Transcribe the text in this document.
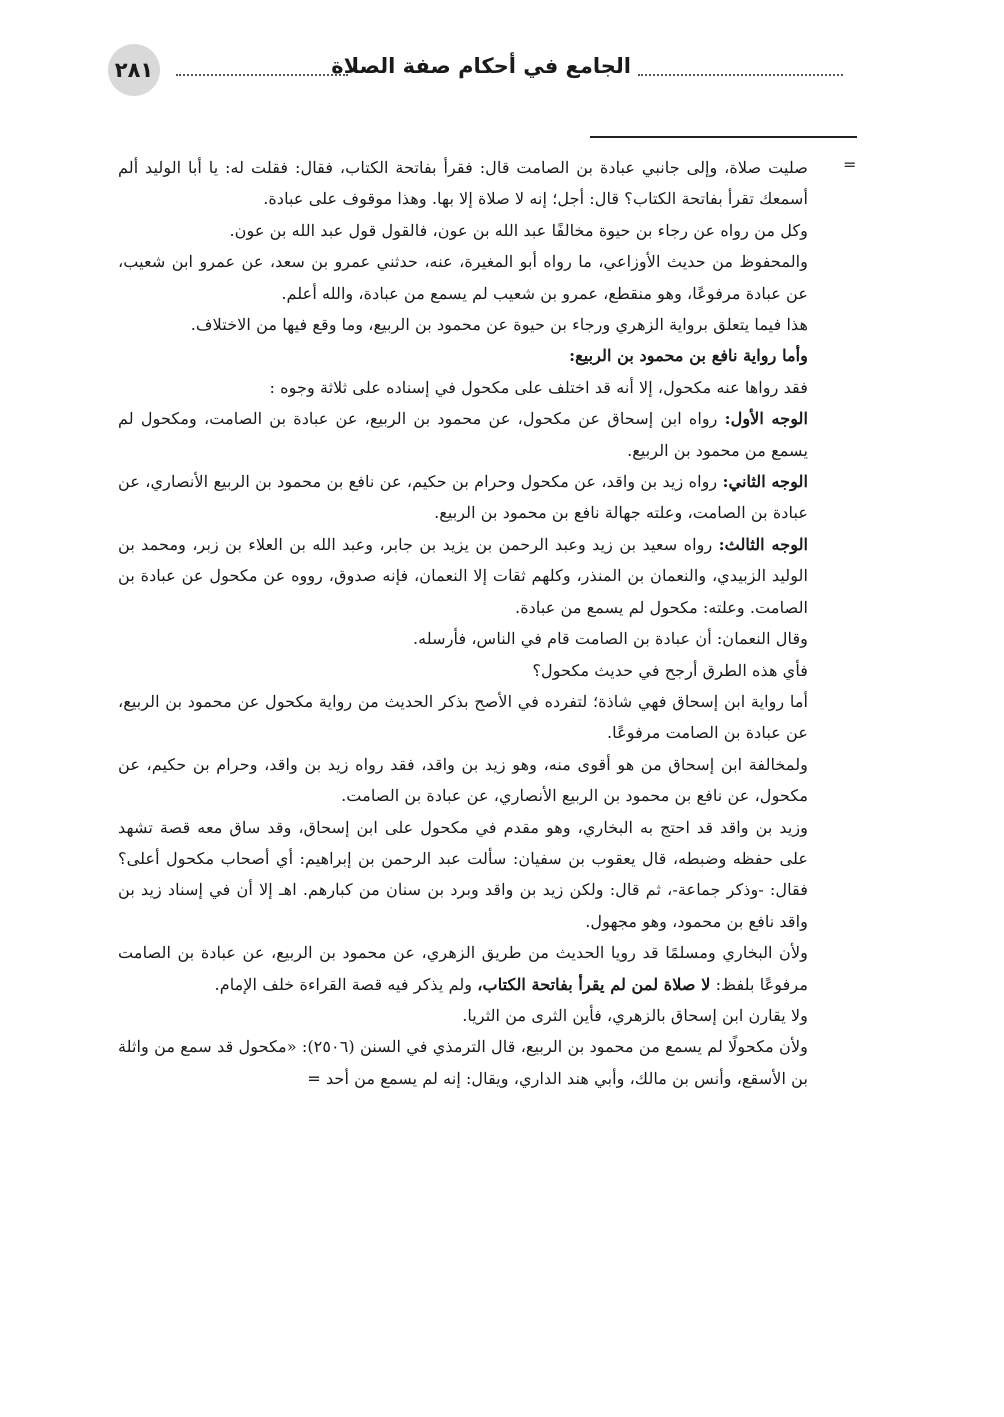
الجامع في أحكام صفة الصلاة
٢٨١
=

صليت صلاة، وإلى جانبي عبادة بن الصامت قال: فقرأ بفاتحة الكتاب، فقال: فقلت له: يا أبا الوليد ألم أسمعك تقرأ بفاتحة الكتاب؟ قال: أجل؛ إنه لا صلاة إلا بها. وهذا موقوف على عبادة.

وكل من رواه عن رجاء بن حيوة مخالفًا عبد الله بن عون، فالقول قول عبد الله بن عون.

والمحفوظ من حديث الأوزاعي، ما رواه أبو المغيرة، عنه، حدثني عمرو بن سعد، عن عمرو ابن شعيب، عن عبادة مرفوعًا، وهو منقطع، عمرو بن شعيب لم يسمع من عبادة، والله أعلم.

هذا فيما يتعلق برواية الزهري ورجاء بن حيوة عن محمود بن الربيع، وما وقع فيها من الاختلاف.

وأما رواية نافع بن محمود بن الربيع:

فقد رواها عنه مكحول، إلا أنه قد اختلف على مكحول في إسناده على ثلاثة وجوه :

الوجه الأول: رواه ابن إسحاق عن مكحول، عن محمود بن الربيع، عن عبادة بن الصامت، ومكحول لم يسمع من محمود بن الربيع.

الوجه الثاني: رواه زيد بن واقد، عن مكحول وحرام بن حكيم، عن نافع بن محمود بن الربيع الأنصاري، عن عبادة بن الصامت، وعلته جهالة نافع بن محمود بن الربيع.

الوجه الثالث: رواه سعيد بن زيد وعبد الرحمن بن يزيد بن جابر، وعبد الله بن العلاء بن زبر، ومحمد بن الوليد الزبيدي، والنعمان بن المنذر، وكلهم ثقات إلا النعمان، فإنه صدوق، رووه عن مكحول عن عبادة بن الصامت. وعلته: مكحول لم يسمع من عبادة.

وقال النعمان: أن عبادة بن الصامت قام في الناس، فأرسله.

فأي هذه الطرق أرجح في حديث مكحول؟

أما رواية ابن إسحاق فهي شاذة؛ لتفرده في الأصح بذكر الحديث من رواية مكحول عن محمود بن الربيع، عن عبادة بن الصامت مرفوعًا.

ولمخالفة ابن إسحاق من هو أقوى منه، وهو زيد بن واقد، فقد رواه زيد بن واقد، وحرام بن حكيم، عن مكحول، عن نافع بن محمود بن الربيع الأنصاري، عن عبادة بن الصامت.

وزيد بن واقد قد احتج به البخاري، وهو مقدم في مكحول على ابن إسحاق، وقد ساق معه قصة تشهد على حفظه وضبطه، قال يعقوب بن سفيان: سألت عبد الرحمن بن إبراهيم: أي أصحاب مكحول أعلى؟ فقال: -وذكر جماعة-، ثم قال: ولكن زيد بن واقد وبرد بن سنان من كبارهم. اهـ إلا أن في إسناد زيد بن واقد نافع بن محمود، وهو مجهول.

ولأن البخاري ومسلمًا قد رويا الحديث من طريق الزهري، عن محمود بن الربيع، عن عبادة بن الصامت مرفوعًا بلفظ: لا صلاة لمن لم يقرأ بفاتحة الكتاب، ولم يذكر فيه قصة القراءة خلف الإمام.

ولا يقارن ابن إسحاق بالزهري، فأين الثرى من الثريا.

ولأن مكحولًا لم يسمع من محمود بن الربيع، قال الترمذي في السنن (٢٥٠٦): «مكحول قد سمع من واثلة بن الأسقع، وأنس بن مالك، وأبي هند الداري، ويقال: إنه لم يسمع من أحد =
